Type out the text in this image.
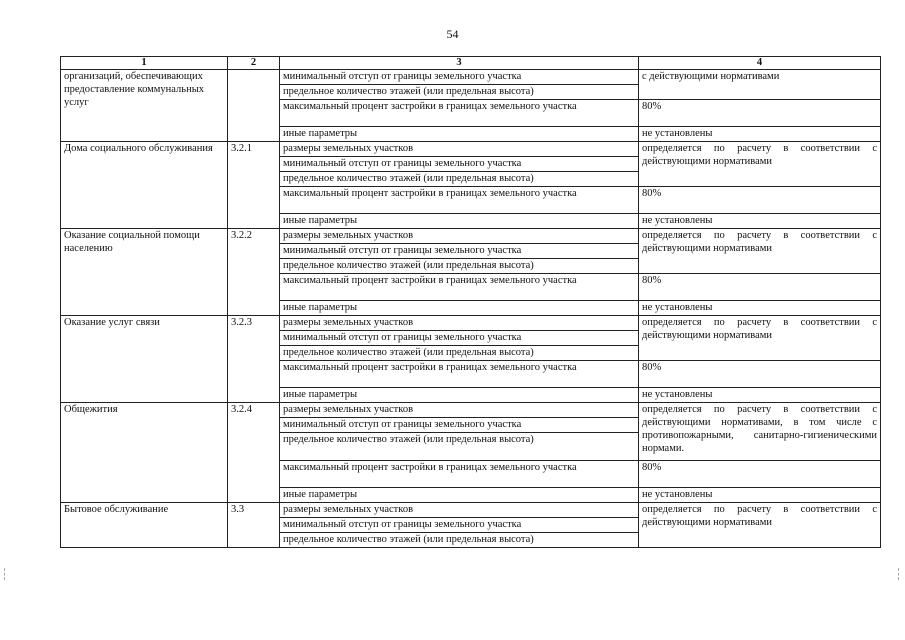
54
1	2	3	4
организаций, обеспечивающих предоставление коммунальных услуг		минимальный отступ от границы земельного участка	с действующими нормативами
		предельное количество этажей (или предельная высота)	
		максимальный процент застройки в границах земельного участка	80%
		иные параметры	не установлены
Дома социального обслуживания	3.2.1	размеры земельных участков	определяется по расчету в соответствии с действующими нормативами
		минимальный отступ от границы земельного участка	
		предельное количество этажей (или предельная высота)	
		максимальный процент застройки в границах земельного участка	80%
		иные параметры	не установлены
Оказание социальной помощи населению	3.2.2	размеры земельных участков	определяется по расчету в соответствии с действующими нормативами
		минимальный отступ от границы земельного участка	
		предельное количество этажей (или предельная высота)	
		максимальный процент застройки в границах земельного участка	80%
		иные параметры	не установлены
Оказание услуг связи	3.2.3	размеры земельных участков	определяется по расчету в соответствии с действующими нормативами
		минимальный отступ от границы земельного участка	
		предельное количество этажей (или предельная высота)	
		максимальный процент застройки в границах земельного участка	80%
		иные параметры	не установлены
Общежития	3.2.4	размеры земельных участков	определяется по расчету в соответствии с действующими нормативами, в том числе с противопожарными, санитарно-гигиеническими нормами.
		минимальный отступ от границы земельного участка	
		предельное количество этажей (или предельная высота)	
		максимальный процент застройки в границах земельного участка	80%
		иные параметры	не установлены
Бытовое обслуживание	3.3	размеры земельных участков	определяется по расчету в соответствии с действующими нормативами
		минимальный отступ от границы земельного участка	
		предельное количество этажей (или предельная высота)	
